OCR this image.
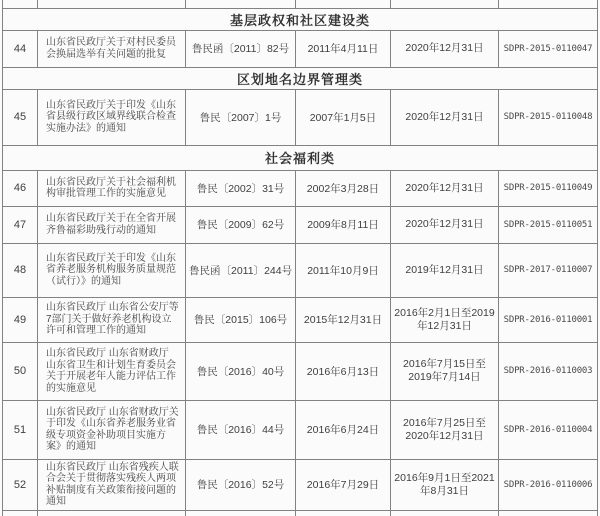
基层政权和社区建设类					
44	山东省民政厅关于对村民委员会换届选举有关问题的批复	鲁民函〔2011〕82号	2011年4月11日	2020年12月31日	SDPR-2015-0110047
区划地名边界管理类					
45	山东省民政厅关于印发《山东省县级行政区域界线联合检查实施办法》的通知	鲁民〔2007〕1号	2007年1月5日	2020年12月31日	SDPR-2015-0110048
社会福利类					
46	山东省民政厅关于社会福利机构审批管理工作的实施意见	鲁民〔2002〕31号	2002年3月28日	2020年12月31日	SDPR-2015-0110049
47	山东省民政厅关于在全省开展齐鲁福彩助残行动的通知	鲁民〔2009〕62号	2009年8月11日	2020年12月31日	SDPR-2015-0110051
48	山东省民政厅关于印发《山东省养老服务机构服务质量规范（试行）》的通知	鲁民函〔2011〕244号	2011年10月9日	2019年12月31日	SDPR-2017-0110007
49	山东省民政厅 山东省公安厅等7部门关于做好养老机构设立许可和管理工作的通知	鲁民〔2015〕106号	2015年12月31日	2016年2月1日至2019年12月31日	SDPR-2016-0110001
50	山东省民政厅 山东省财政厅 山东省卫生和计划生育委员会关于开展老年人能力评估工作的实施意见	鲁民〔2016〕40号	2016年6月13日	2016年7月15日至2019年7月14日	SDPR-2016-0110003
51	山东省民政厅 山东省财政厅关于印发《山东省养老服务业省级专项资金补助项目实施方案》的通知	鲁民〔2016〕44号	2016年6月24日	2016年7月25日至2020年12月31日	SDPR-2016-0110004
52	山东省民政厅 山东省残疾人联合会关于贯彻落实残疾人两项补贴制度有关政策衔接问题的通知	鲁民〔2016〕52号	2016年7月29日	2016年9月1日至2021年8月31日	SDPR-2016-0110006
